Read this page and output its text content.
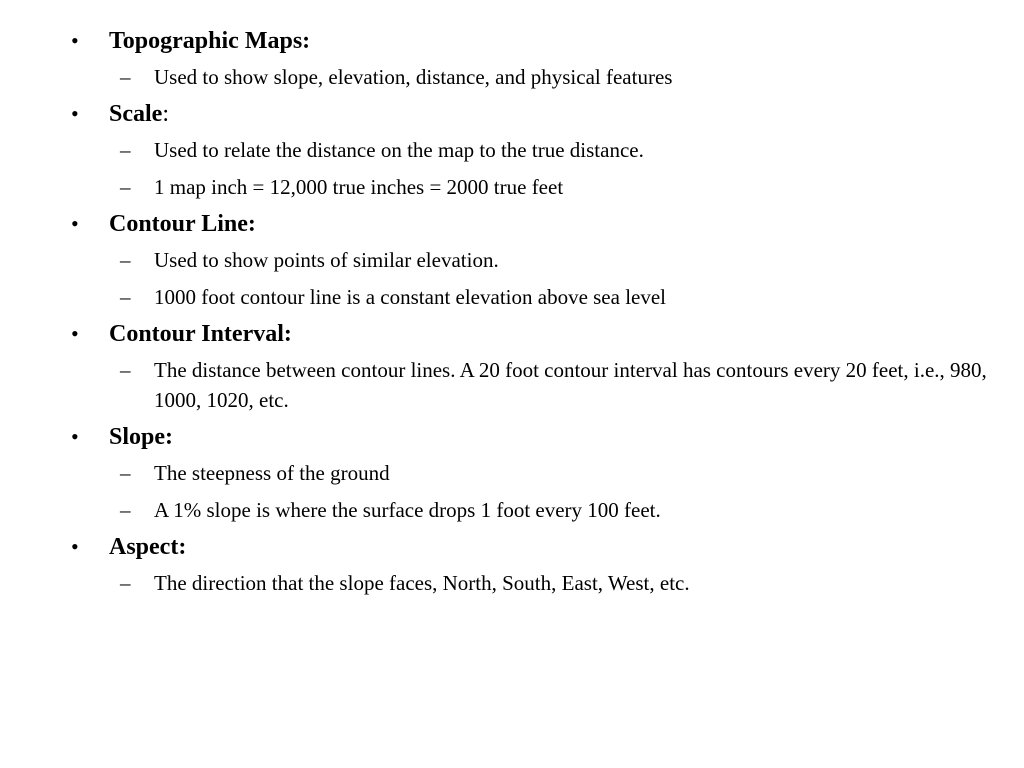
• Topographic Maps:
– Used to show slope, elevation, distance, and physical features
• Scale:
– Used to relate the distance on the map to the true distance.
– 1 map inch = 12,000 true inches = 2000 true feet
• Contour Line:
– Used to show points of similar elevation.
– 1000 foot contour line is a constant elevation above sea level
• Contour Interval:
– The distance between contour lines. A 20 foot contour interval has contours every 20 feet, i.e., 980, 1000, 1020, etc.
• Slope:
– The steepness of the ground
– A 1% slope is where the surface drops 1 foot every 100 feet.
• Aspect:
– The direction that the slope faces, North, South, East, West, etc.
